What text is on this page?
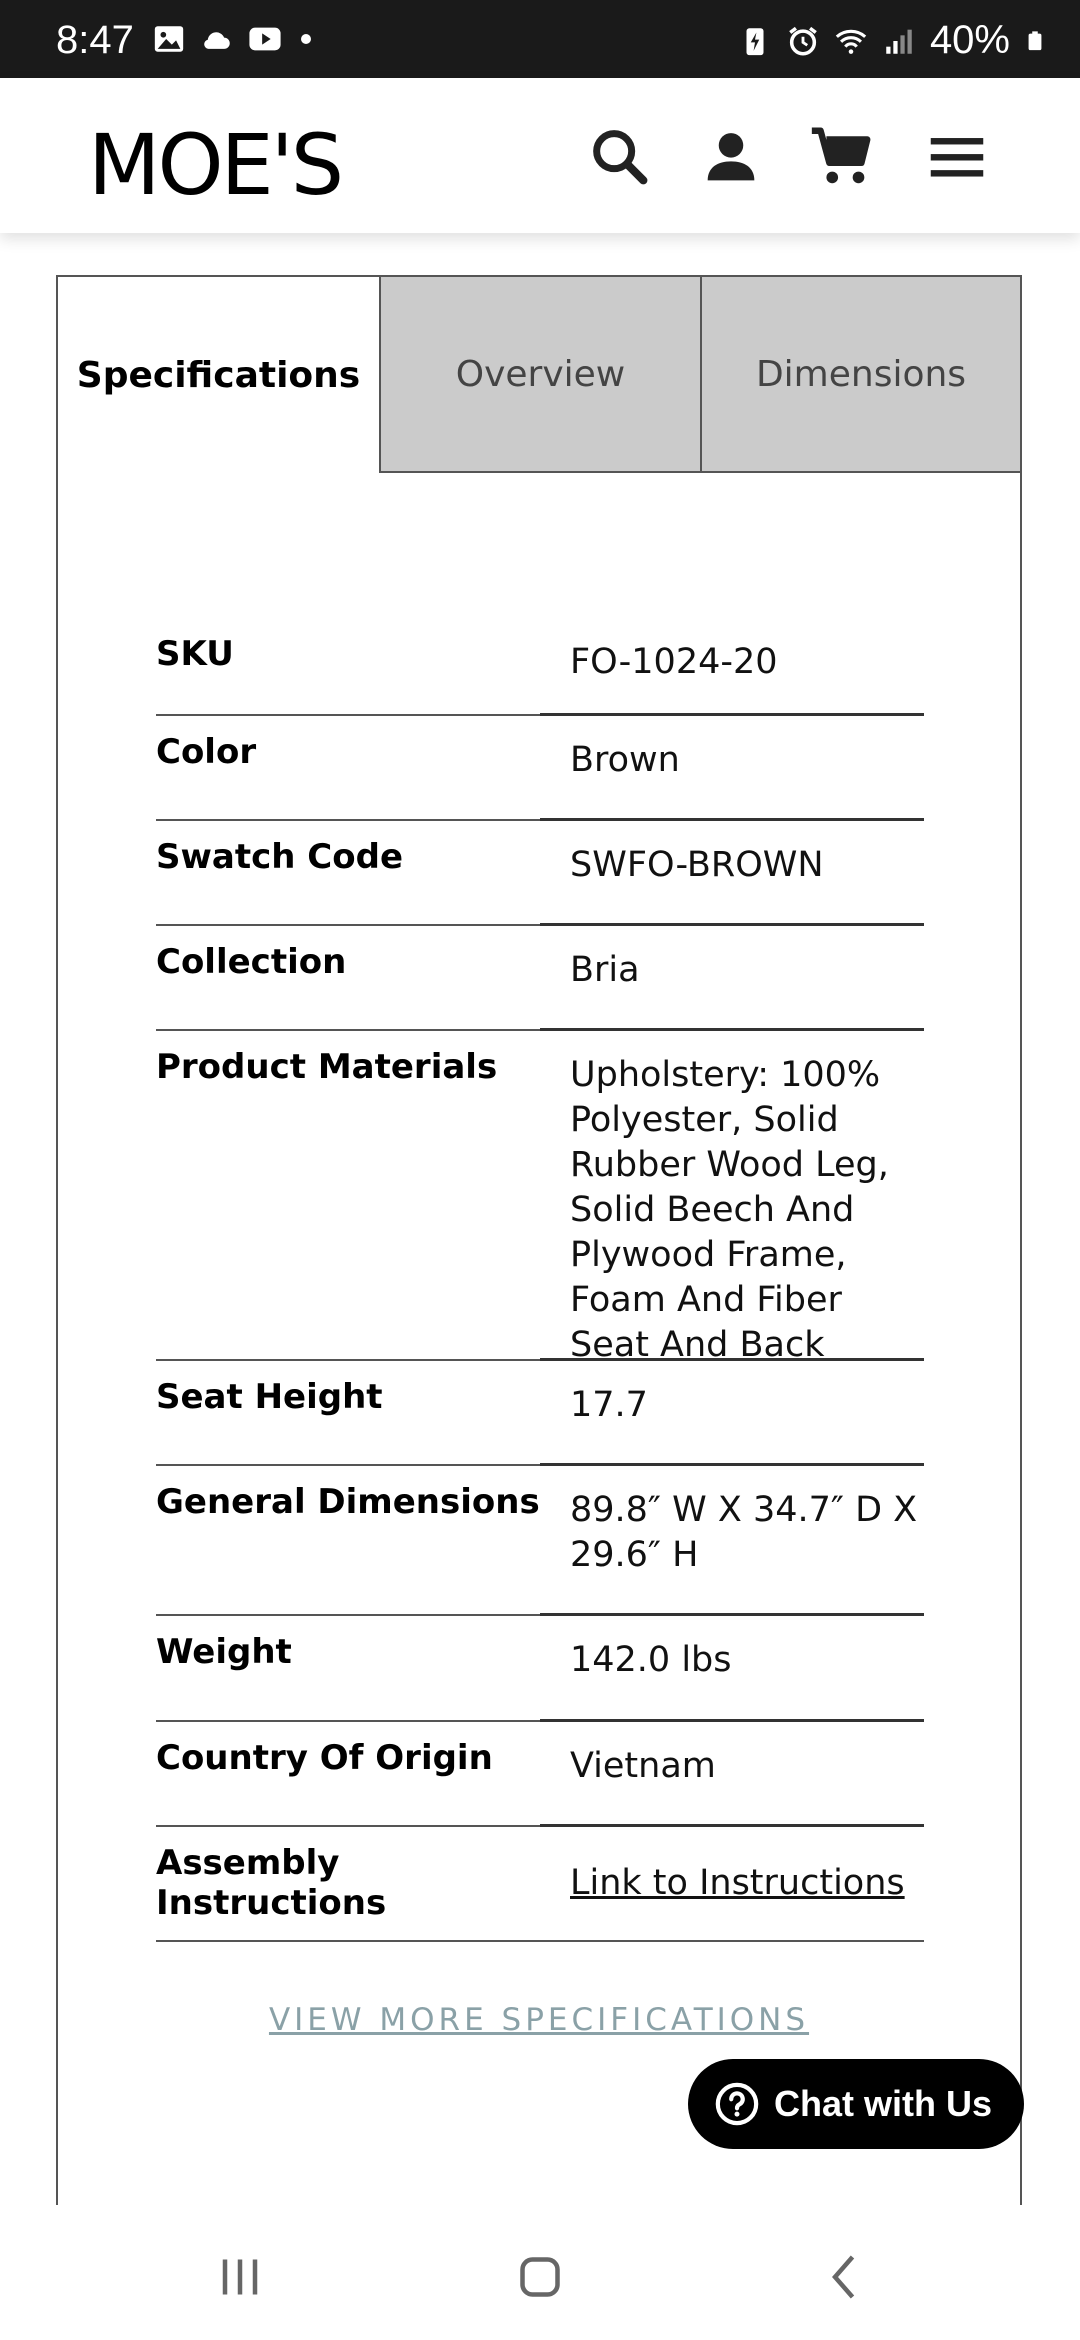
8:47	40%
MOE'S
Specifications	Overview	Dimensions
SKU	FO-1024-20
Color	Brown
Swatch Code	SWFO-BROWN
Collection	Bria
Product Materials	Upholstery: 100% Polyester, Solid Rubber Wood Leg, Solid Beech And Plywood Frame, Foam And Fiber Seat And Back
Seat Height	17.7
General Dimensions 89.8″ W X 34.7″ D X 29.6″ H
Weight	142.0 lbs
Country Of Origin	Vietnam
Assembly Instructions	Link to Instructions
VIEW MORE SPECIFICATIONS
Chat with Us
